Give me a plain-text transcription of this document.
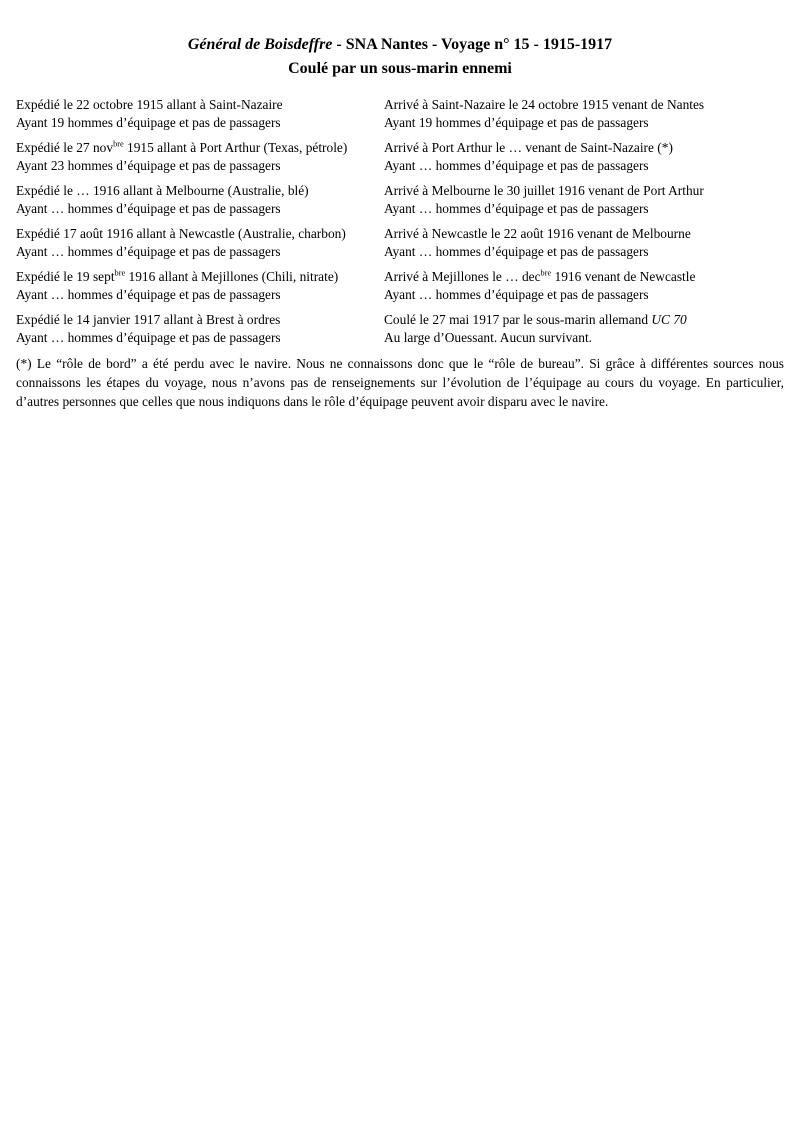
Général de Boisdeffre - SNA Nantes - Voyage n° 15 - 1915-1917
Coulé par un sous-marin ennemi
Expédié le 22 octobre 1915 allant à Saint-Nazaire
Ayant 19 hommes d’équipage et pas de passagers
Arrivé à Saint-Nazaire le 24 octobre 1915 venant de Nantes
Ayant 19 hommes d’équipage et pas de passagers
Expédié le 27 nov$^{bre}$ 1915 allant à Port Arthur (Texas, pétrole)
Ayant 23 hommes d’équipage et pas de passagers
Arrivé à Port Arthur le … venant de Saint-Nazaire (*)
Ayant … hommes d’équipage et pas de passagers
Expédié le … 1916 allant à Melbourne (Australie, blé)
Ayant … hommes d’équipage et pas de passagers
Arrivé à Melbourne le 30 juillet 1916 venant de Port Arthur
Ayant … hommes d’équipage et pas de passagers
Expédié 17 août 1916 allant à Newcastle (Australie, charbon)
Ayant … hommes d’équipage et pas de passagers
Arrivé à Newcastle le 22 août 1916 venant de Melbourne
Ayant … hommes d’équipage et pas de passagers
Expédié le 19 sept$^{bre}$ 1916 allant à Mejillones (Chili, nitrate)
Ayant … hommes d’équipage et pas de passagers
Arrivé à Mejillones le … dec$^{bre}$ 1916 venant de Newcastle
Ayant … hommes d’équipage et pas de passagers
Expédié le 14 janvier 1917 allant à Brest à ordres
Ayant … hommes d’équipage et pas de passagers
Coulé le 27 mai 1917 par le sous-marin allemand UC 70
Au large d’Ouessant. Aucun survivant.
(*) Le “rôle de bord” a été perdu avec le navire. Nous ne connaissons donc que le “rôle de bureau”. Si grâce à différentes sources nous connaissons les étapes du voyage, nous n’avons pas de renseignements sur l’évolution de l’équipage au cours du voyage. En particulier, d’autres personnes que celles que nous indiquons dans le rôle d’équipage peuvent avoir disparu avec le navire.
